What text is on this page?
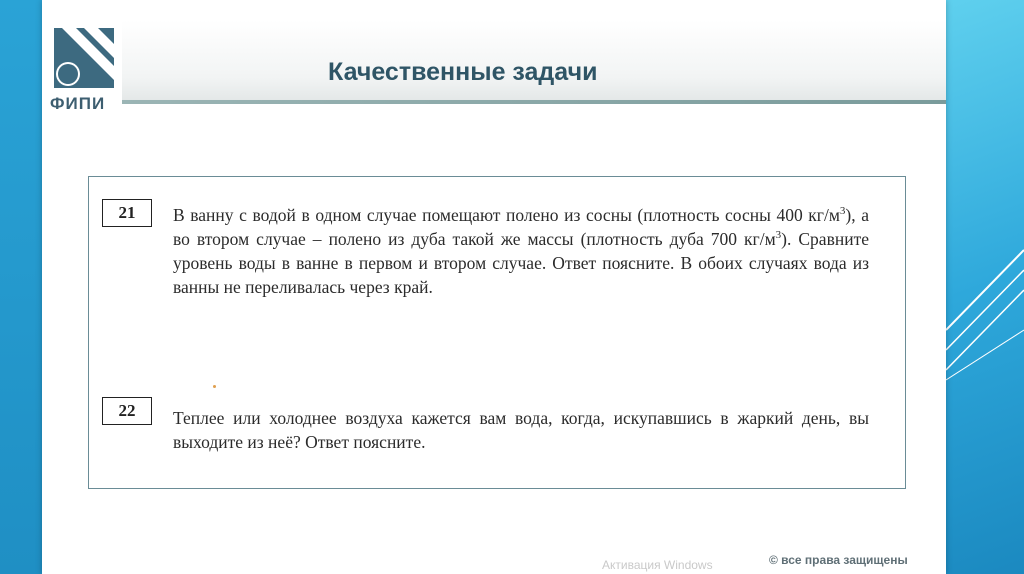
ФИПИ
Качественные задачи
21	В ванну с водой в одном случае помещают полено из сосны (плотность сосны 400 $кг/м^3$), а во втором случае – полено из дуба такой же массы (плотность дуба 700 $кг/м^3$). Сравните уровень воды в ванне в первом и втором случае. Ответ поясните. В обоих случаях вода из ванны не переливалась через край.
22	Теплее или холоднее воздуха кажется вам вода, когда, искупавшись в жаркий день, вы выходите из неё? Ответ поясните.
Активация Windows	© все права защищены
